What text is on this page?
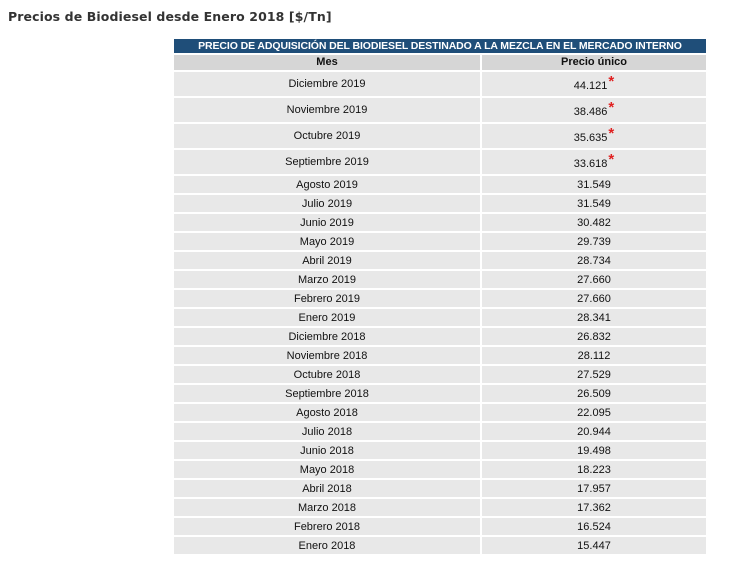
Precios de Biodiesel desde Enero 2018 [$/Tn]
PRECIO DE ADQUISICIÓN DEL BIODIESEL DESTINADO A LA MEZCLA EN EL MERCADO INTERNO	
Mes	Precio único
Diciembre 2019	44.121*
Noviembre 2019	38.486*
Octubre 2019	35.635*
Septiembre 2019	33.618*
Agosto 2019	31.549
Julio 2019	31.549
Junio 2019	30.482
Mayo 2019	29.739
Abril 2019	28.734
Marzo 2019	27.660
Febrero 2019	27.660
Enero 2019	28.341
Diciembre 2018	26.832
Noviembre 2018	28.112
Octubre 2018	27.529
Septiembre 2018	26.509
Agosto 2018	22.095
Julio 2018	20.944
Junio 2018	19.498
Mayo 2018	18.223
Abril 2018	17.957
Marzo 2018	17.362
Febrero 2018	16.524
Enero 2018	15.447
